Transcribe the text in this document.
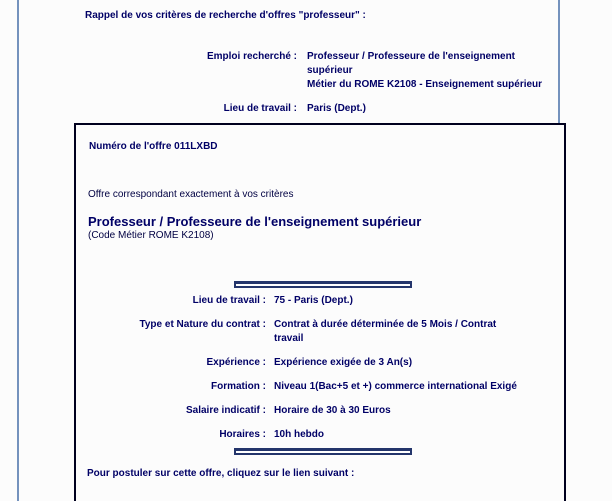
Rappel de vos critères de recherche d'offres "professeur" :

Emploi recherché : Professeur / Professeure de l'enseignement supérieur

Métier du ROME K2108 - Enseignement supérieur

Lieu de travail : Paris (Dept.)

Numéro de l'offre 011LXBD

Offre correspondant exactement à vos critères

Professeur / Professeure de l'enseignement supérieur

(Code Métier ROME K2108)

Lieu de travail : 75 - Paris (Dept.)
Type et Nature du contrat : Contrat à durée déterminée de 5 Mois / Contrat travail
Expérience : Expérience exigée de 3 An(s)
Formation : Niveau 1(Bac+5 et +) commerce international Exigé
Salaire indicatif : Horaire de 30 à 30 Euros
Horaires : 10h hebdo

Pour postuler sur cette offre, cliquez sur le lien suivant :
